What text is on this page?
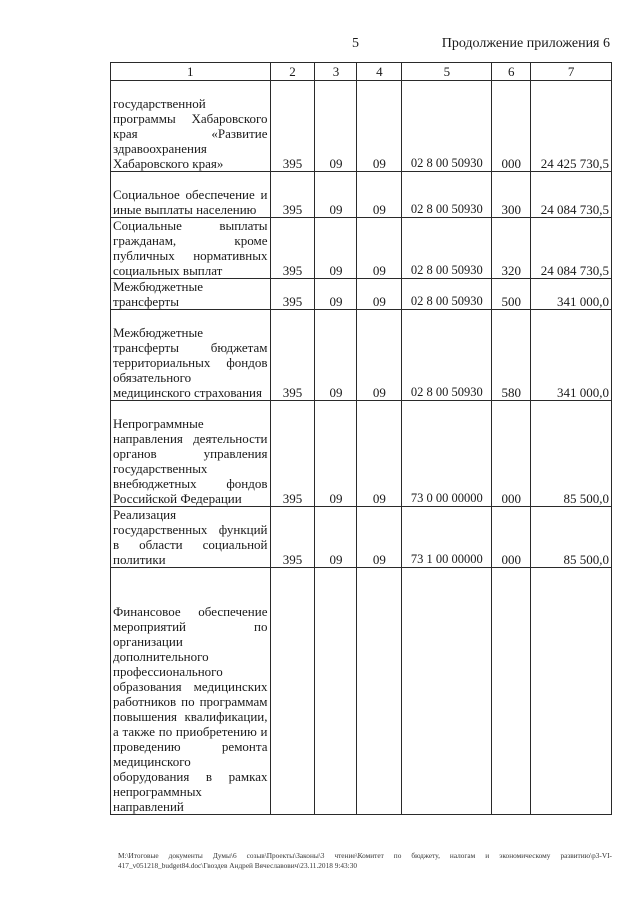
5	Продолжение приложения 6
1	2	3	4	5	6	7
государственной программы Хабаровского края «Развитие здравоохранения Хабаровского края»	395	09	09	02 8 00 50930	000	24 425 730,5
Социальное обеспечение и иные выплаты населению	395	09	09	02 8 00 50930	300	24 084 730,5
Социальные выплаты гражданам, кроме публичных нормативных социальных выплат	395	09	09	02 8 00 50930	320	24 084 730,5
Межбюджетные трансферты	395	09	09	02 8 00 50930	500	341 000,0
Межбюджетные трансферты бюджетам территориальных фондов обязательного медицинского страхования	395	09	09	02 8 00 50930	580	341 000,0
Непрограммные направления деятельности органов управления государственных внебюджетных фондов Российской Федерации	395	09	09	73 0 00 00000	000	85 500,0
Реализация государственных функций в области социальной политики	395	09	09	73 1 00 00000	000	85 500,0
Финансовое обеспечение мероприятий по организации дополнительного профессионального образования медицинских работников по программам повышения квалификации, а также по приобретению и проведению ремонта медицинского оборудования в рамках непрограммных направлений						
M:\Итоговые документы Думы\6 созыв\Проекты\Законы\3 чтение\Комитет по бюджету, налогам и экономическому развитию\р3-VI-417_v051218_budget84.doc\Гвоздев Андрей Вячеславович\23.11.2018 9:43:30
